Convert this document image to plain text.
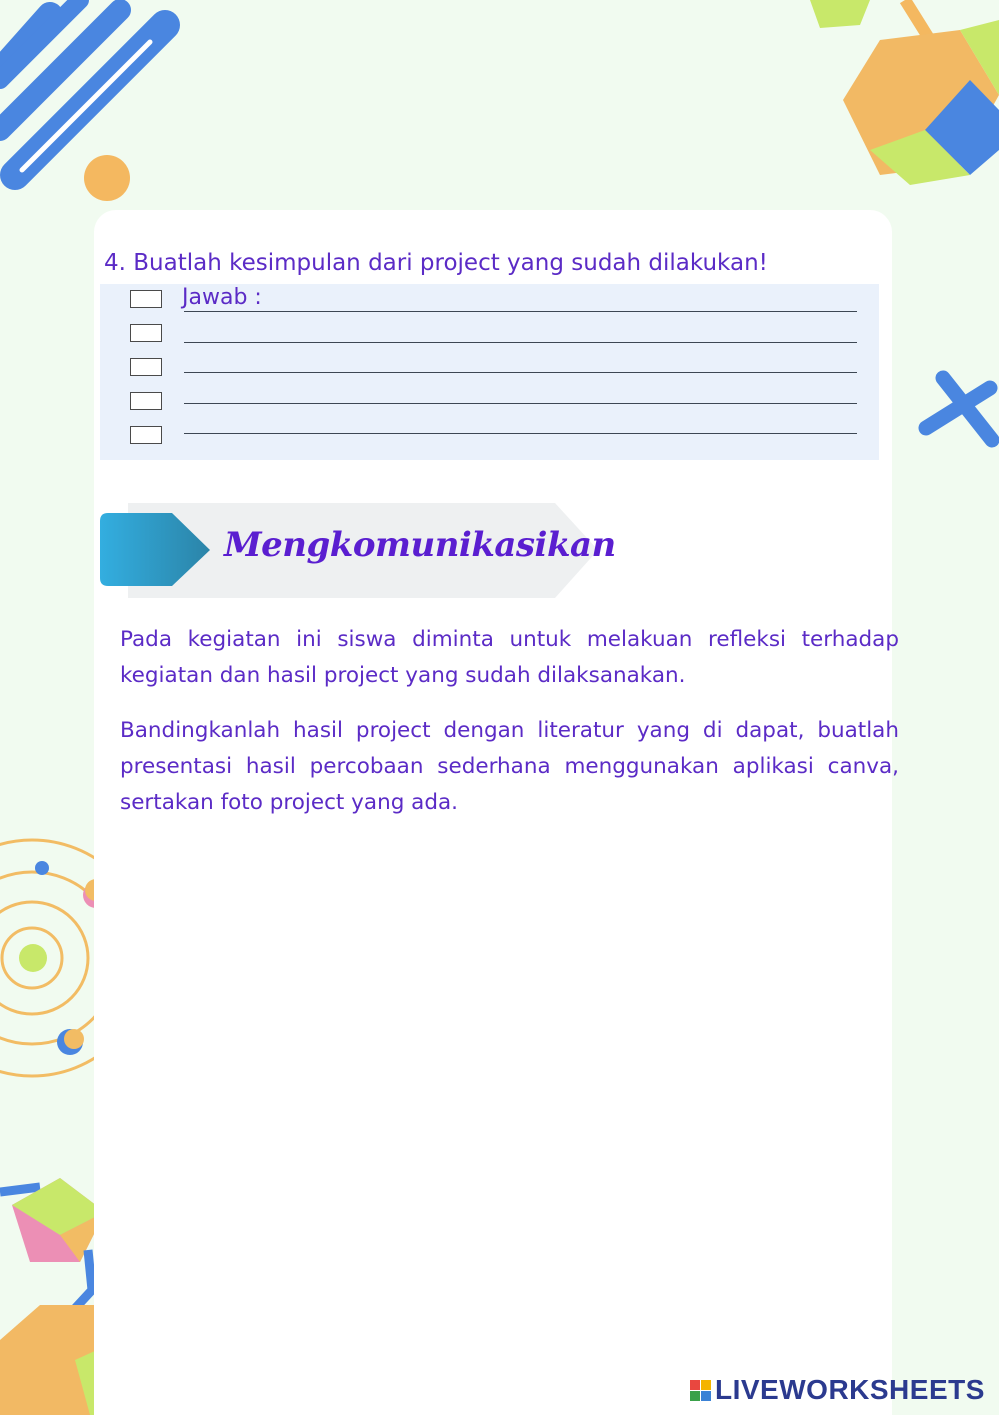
4. Buatlah kesimpulan dari project yang sudah dilakukan!
Jawab :
Mengkomunikasikan
Pada kegiatan ini siswa diminta untuk melakuan refleksi terhadap kegiatan dan hasil project yang sudah dilaksanakan.
Bandingkanlah hasil project dengan literatur yang di dapat, buatlah presentasi hasil percobaan sederhana menggunakan aplikasi canva, sertakan foto project yang ada.
LIVEWORKSHEETS
